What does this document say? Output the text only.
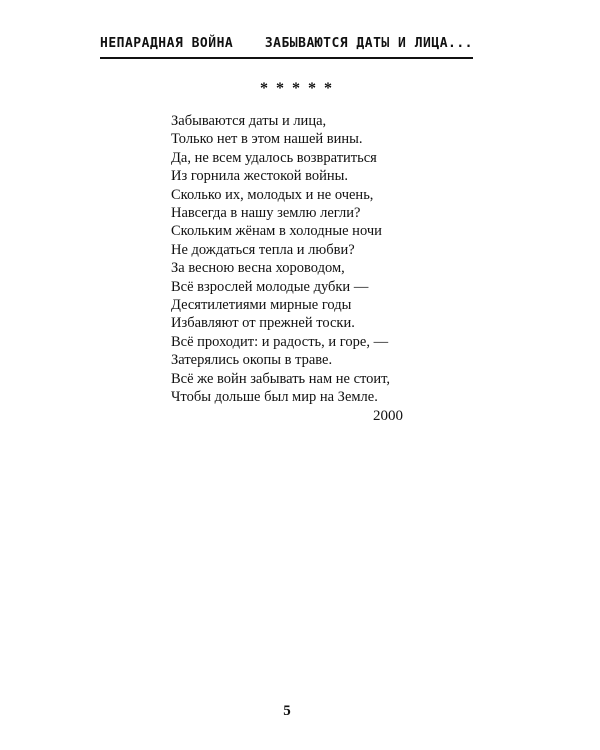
НЕПАРАДНАЯ ВОЙНА ЗАБЫВАЮТСЯ ДАТЫ И ЛИЦА...
*****
Забываются даты и лица,
Только нет в этом нашей вины.
Да, не всем удалось возвратиться
Из горнила жестокой войны.
Сколько их, молодых и не очень,
Навсегда в нашу землю легли?
Скольким жёнам в холодные ночи
Не дождаться тепла и любви?
За весною весна хороводом,
Всё взрослей молодые дубки —
Десятилетиями мирные годы
Избавляют от прежней тоски.
Всё проходит: и радость, и горе, —
Затерялись окопы в траве.
Всё же войн забывать нам не стоит,
Чтобы дольше был мир на Земле.
2000
5
